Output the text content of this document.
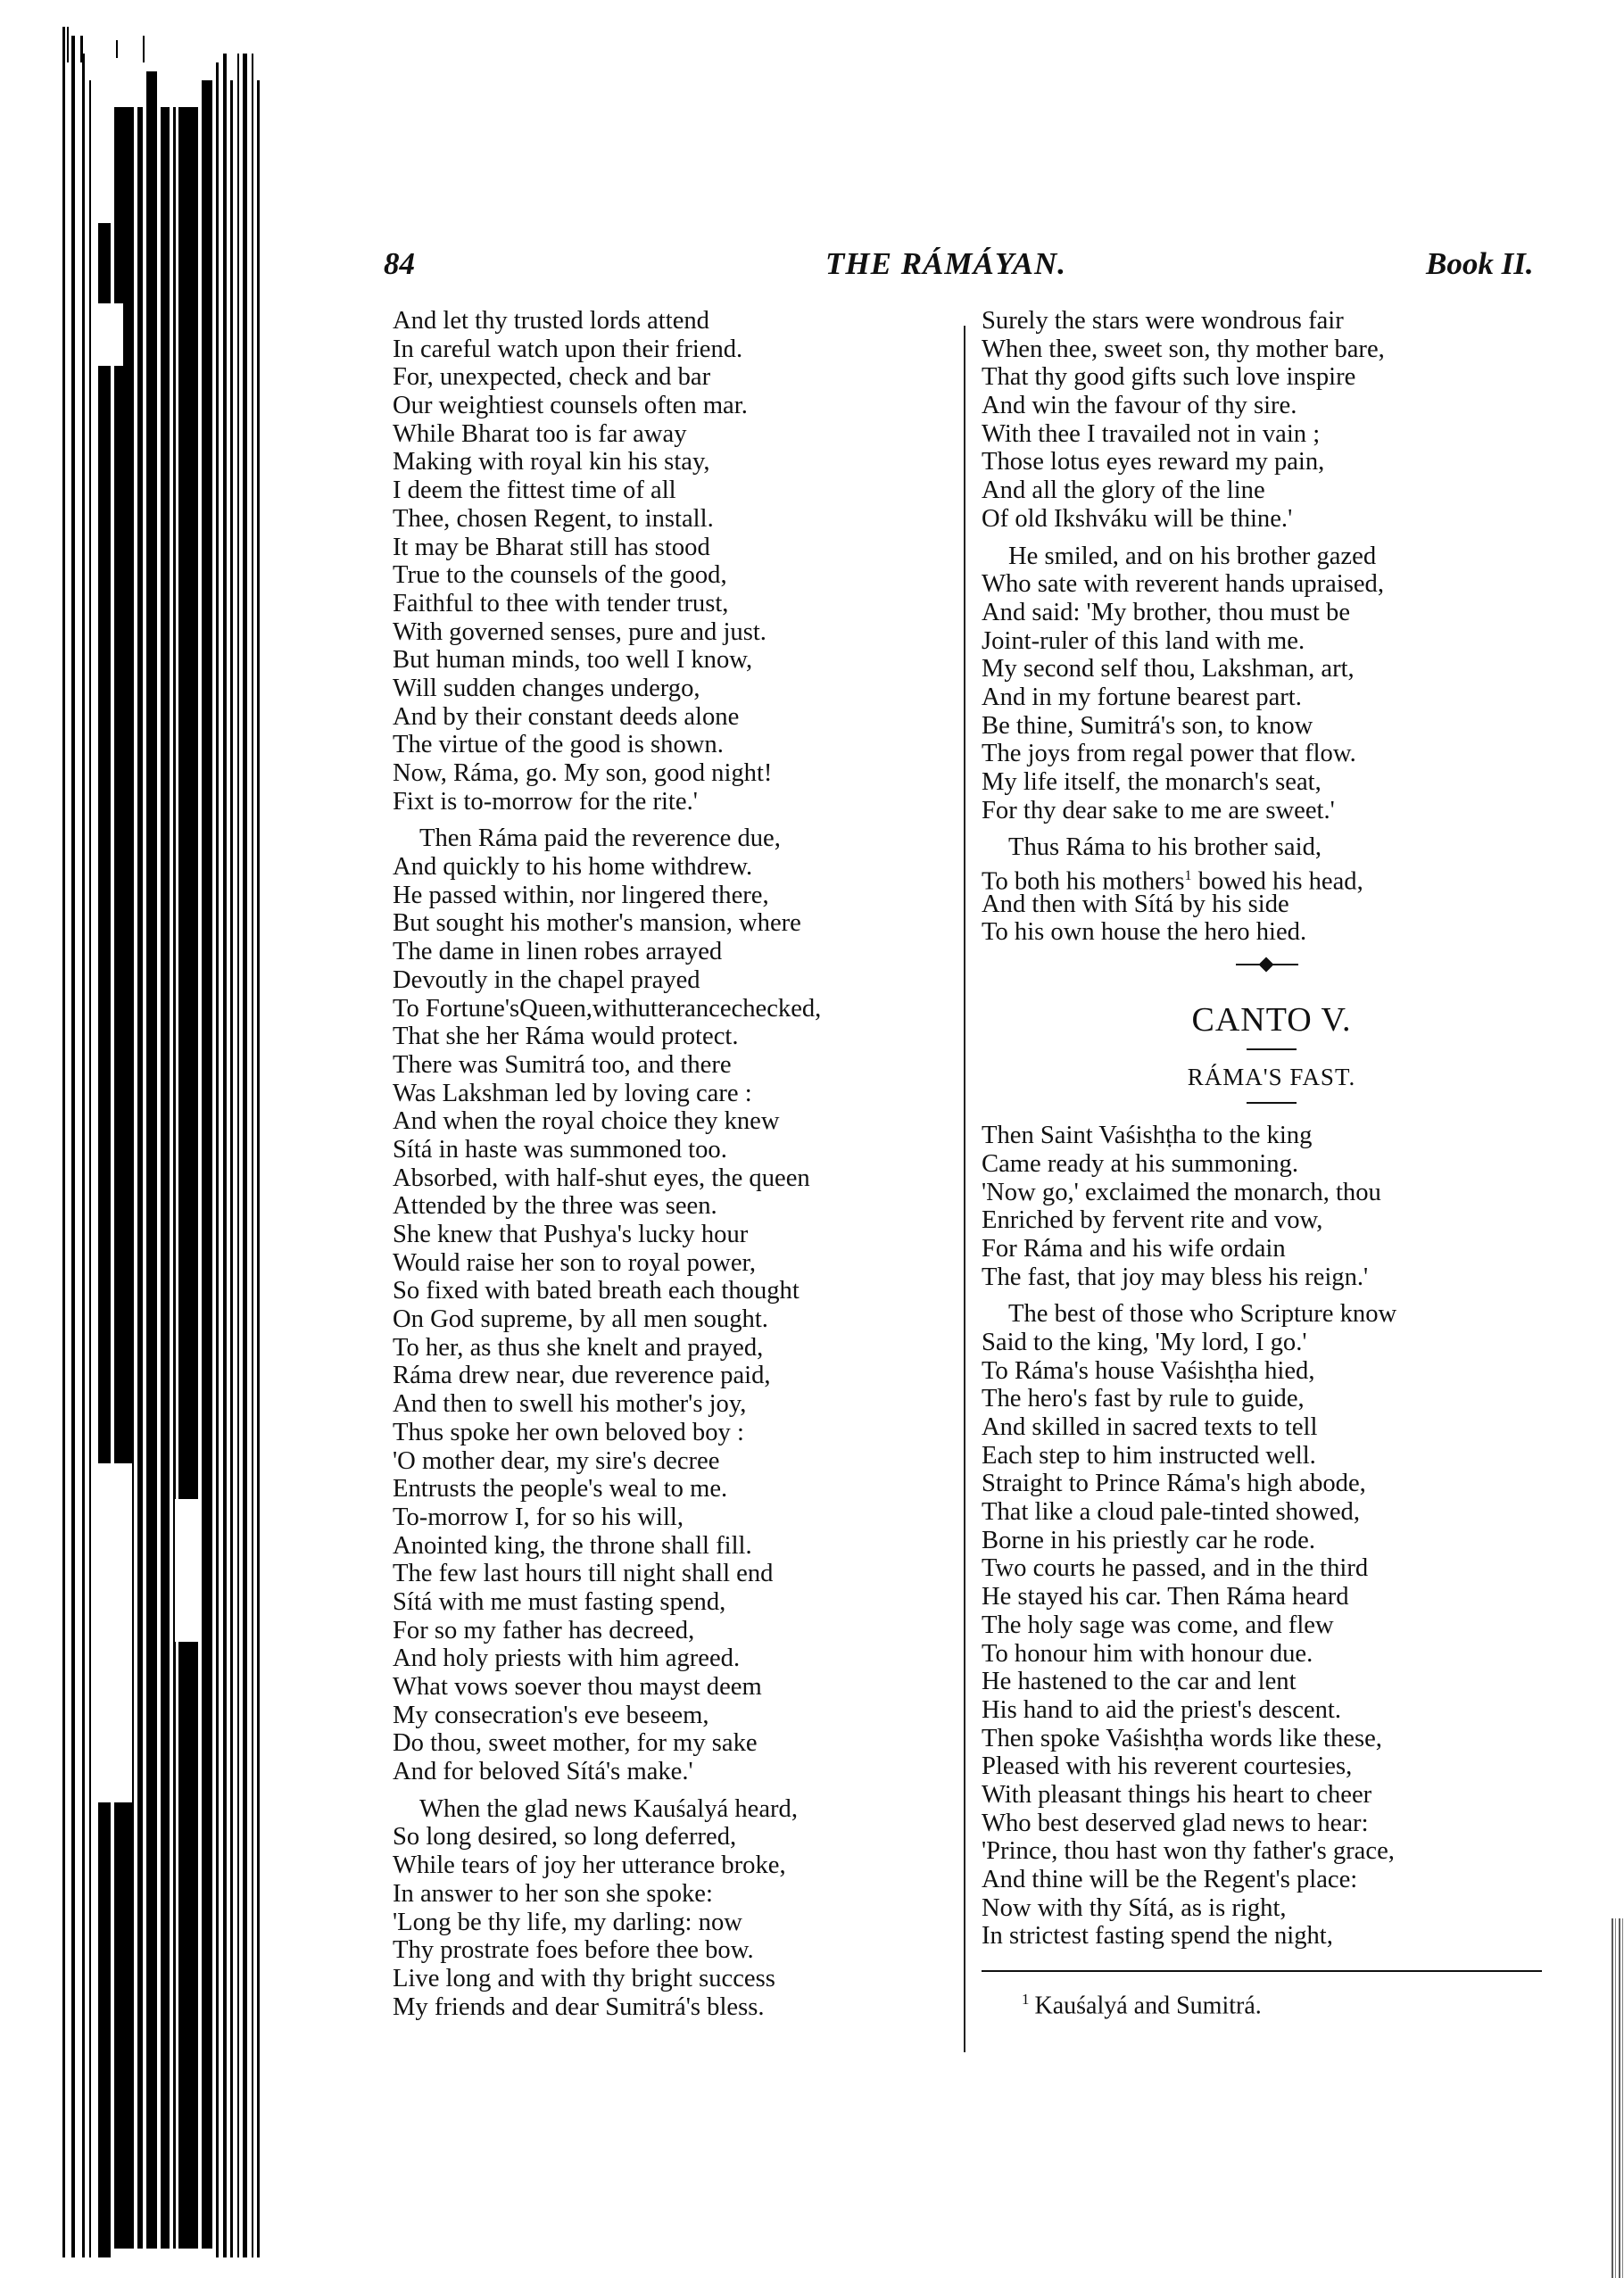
84	THE RÁMÁYAN.	Book II.
And let thy trusted lords attend
In careful watch upon their friend.
For, unexpected, check and bar
Our weightiest counsels often mar.
While Bharat too is far away
Making with royal kin his stay,
I deem the fittest time of all
Thee, chosen Regent, to install.
It may be Bharat still has stood
True to the counsels of the good,
Faithful to thee with tender trust,
With governed senses, pure and just.
But human minds, too well I know,
Will sudden changes undergo,
And by their constant deeds alone
The virtue of the good is shown.
Now, Ráma, go. My son, good night!
Fixt is to-morrow for the rite.'
Then Ráma paid the reverence due,
And quickly to his home withdrew.
He passed within, nor lingered there,
But sought his mother's mansion, where
The dame in linen robes arrayed
Devoutly in the chapel prayed
To Fortune'sQueen,withutterancechecked,
That she her Ráma would protect.
There was Sumitrá too, and there
Was Lakshman led by loving care :
And when the royal choice they knew
Sítá in haste was summoned too.
Absorbed, with half-shut eyes, the queen
Attended by the three was seen.
She knew that Pushya's lucky hour
Would raise her son to royal power,
So fixed with bated breath each thought
On God supreme, by all men sought.
To her, as thus she knelt and prayed,
Ráma drew near, due reverence paid,
And then to swell his mother's joy,
Thus spoke her own beloved boy :
'O mother dear, my sire's decree
Entrusts the people's weal to me.
To-morrow I, for so his will,
Anointed king, the throne shall fill.
The few last hours till night shall end
Sítá with me must fasting spend,
For so my father has decreed,
And holy priests with him agreed.
What vows soever thou mayst deem
My consecration's eve beseem,
Do thou, sweet mother, for my sake
And for beloved Sítá's make.'
When the glad news Kauśalyá heard,
So long desired, so long deferred,
While tears of joy her utterance broke,
In answer to her son she spoke:
'Long be thy life, my darling: now
Thy prostrate foes before thee bow.
Live long and with thy bright success
My friends and dear Sumitrá's bless.
Surely the stars were wondrous fair
When thee, sweet son, thy mother bare,
That thy good gifts such love inspire
And win the favour of thy sire.
With thee I travailed not in vain ;
Those lotus eyes reward my pain,
And all the glory of the line
Of old Ikshváku will be thine.'
He smiled, and on his brother gazed
Who sate with reverent hands upraised,
And said: 'My brother, thou must be
Joint-ruler of this land with me.
My second self thou, Lakshman, art,
And in my fortune bearest part.
Be thine, Sumitrá's son, to know
The joys from regal power that flow.
My life itself, the monarch's seat,
For thy dear sake to me are sweet.'
Thus Ráma to his brother said,
To both his mothers$^1$ bowed his head,
And then with Sítá by his side
To his own house the hero hied.
CANTO V.
RÁMA'S FAST.
Then Saint Vaśishṭha to the king
Came ready at his summoning.
'Now go,' exclaimed the monarch, thou
Enriched by fervent rite and vow,
For Ráma and his wife ordain
The fast, that joy may bless his reign.'
The best of those who Scripture know
Said to the king, 'My lord, I go.'
To Ráma's house Vaśishṭha hied,
The hero's fast by rule to guide,
And skilled in sacred texts to tell
Each step to him instructed well.
Straight to Prince Ráma's high abode,
That like a cloud pale-tinted showed,
Borne in his priestly car he rode.
Two courts he passed, and in the third
He stayed his car. Then Ráma heard
The holy sage was come, and flew
To honour him with honour due.
He hastened to the car and lent
His hand to aid the priest's descent.
Then spoke Vaśishṭha words like these,
Pleased with his reverent courtesies,
With pleasant things his heart to cheer
Who best deserved glad news to hear:
'Prince, thou hast won thy father's grace,
And thine will be the Regent's place:
Now with thy Sítá, as is right,
In strictest fasting spend the night,
$^1$ Kauśalyá and Sumitrá.
